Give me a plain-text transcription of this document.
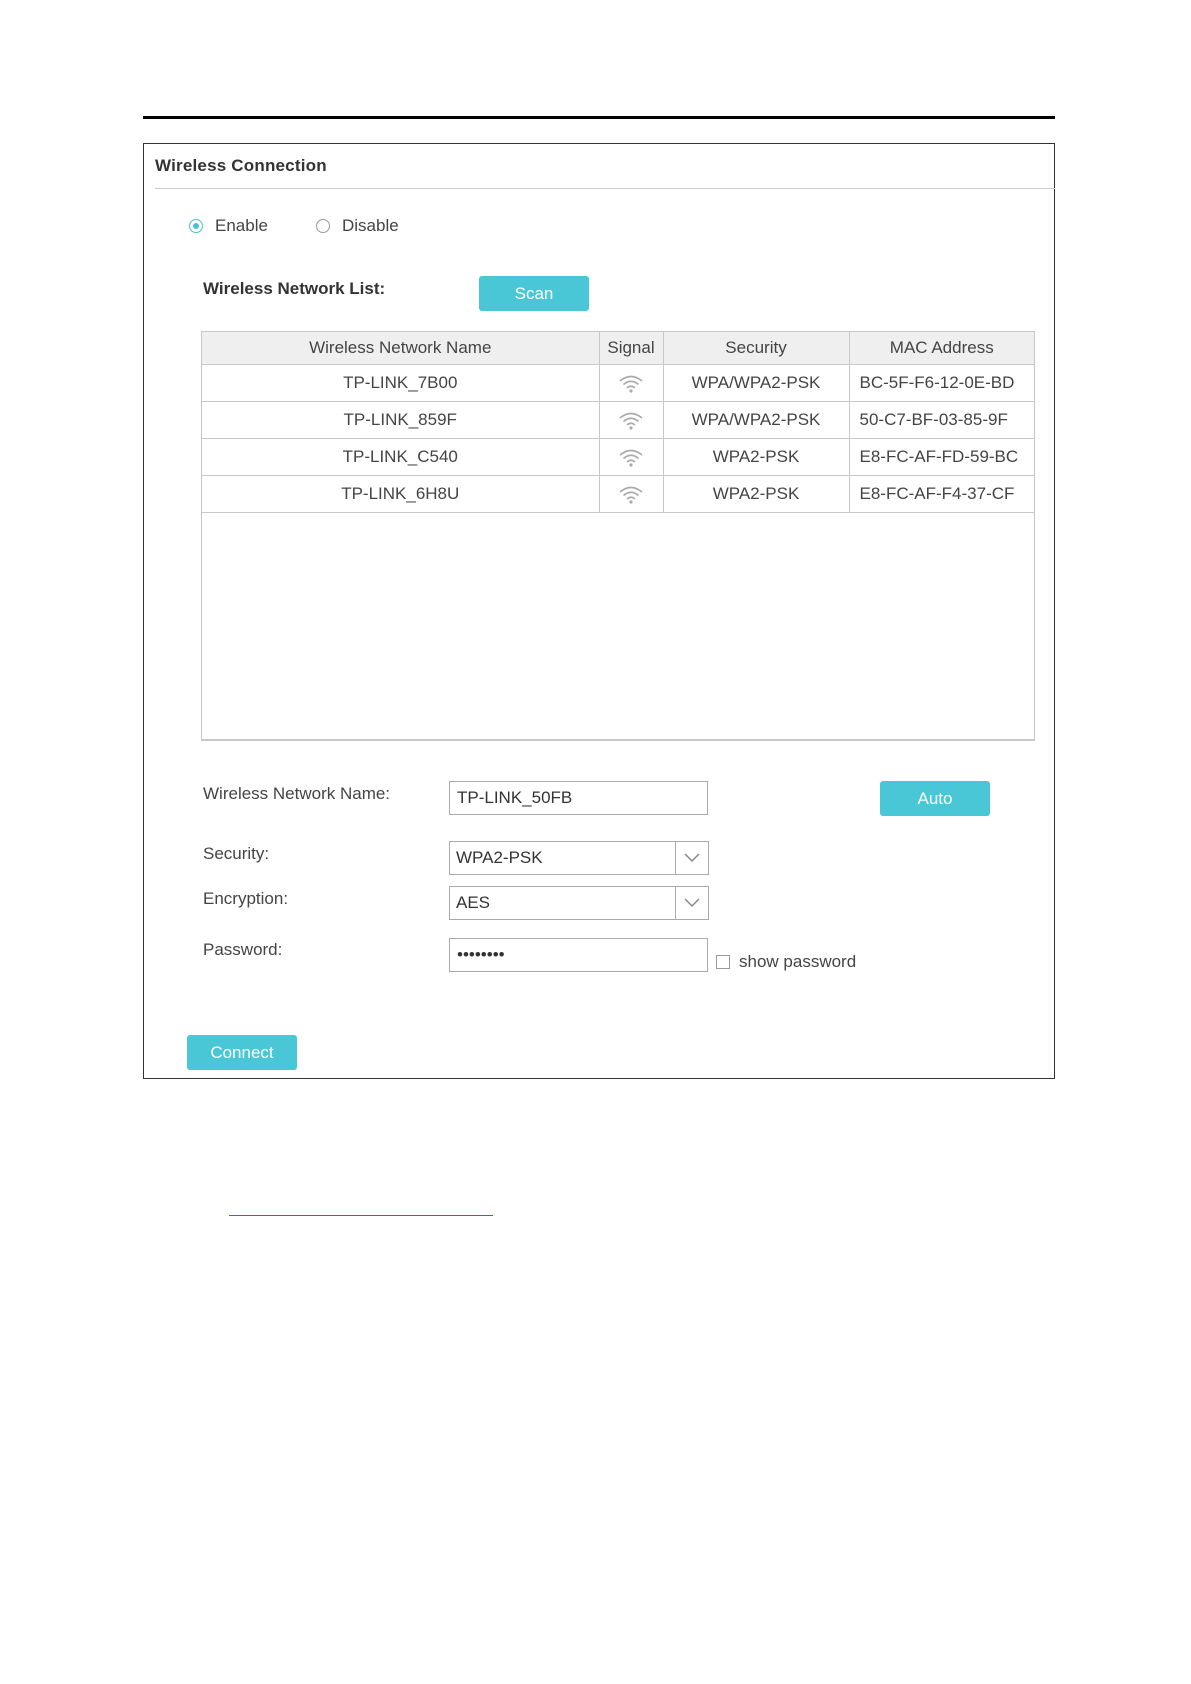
Wireless Connection
Enable	Disable
Wireless Network List:	Scan
Wireless Network Name	Signal	Security	MAC Address
TP-LINK_7B00		WPA/WPA2-PSK	BC-5F-F6-12-0E-BD
TP-LINK_859F		WPA/WPA2-PSK	50-C7-BF-03-85-9F
TP-LINK_C540		WPA2-PSK	E8-FC-AF-FD-59-BC
TP-LINK_6H8U		WPA2-PSK	E8-FC-AF-F4-37-CF
Wireless Network Name:
TP-LINK_50FB	Auto
Security:	WPA2-PSK
Encryption:	AES
Password:	••••••••	show password
Connect
